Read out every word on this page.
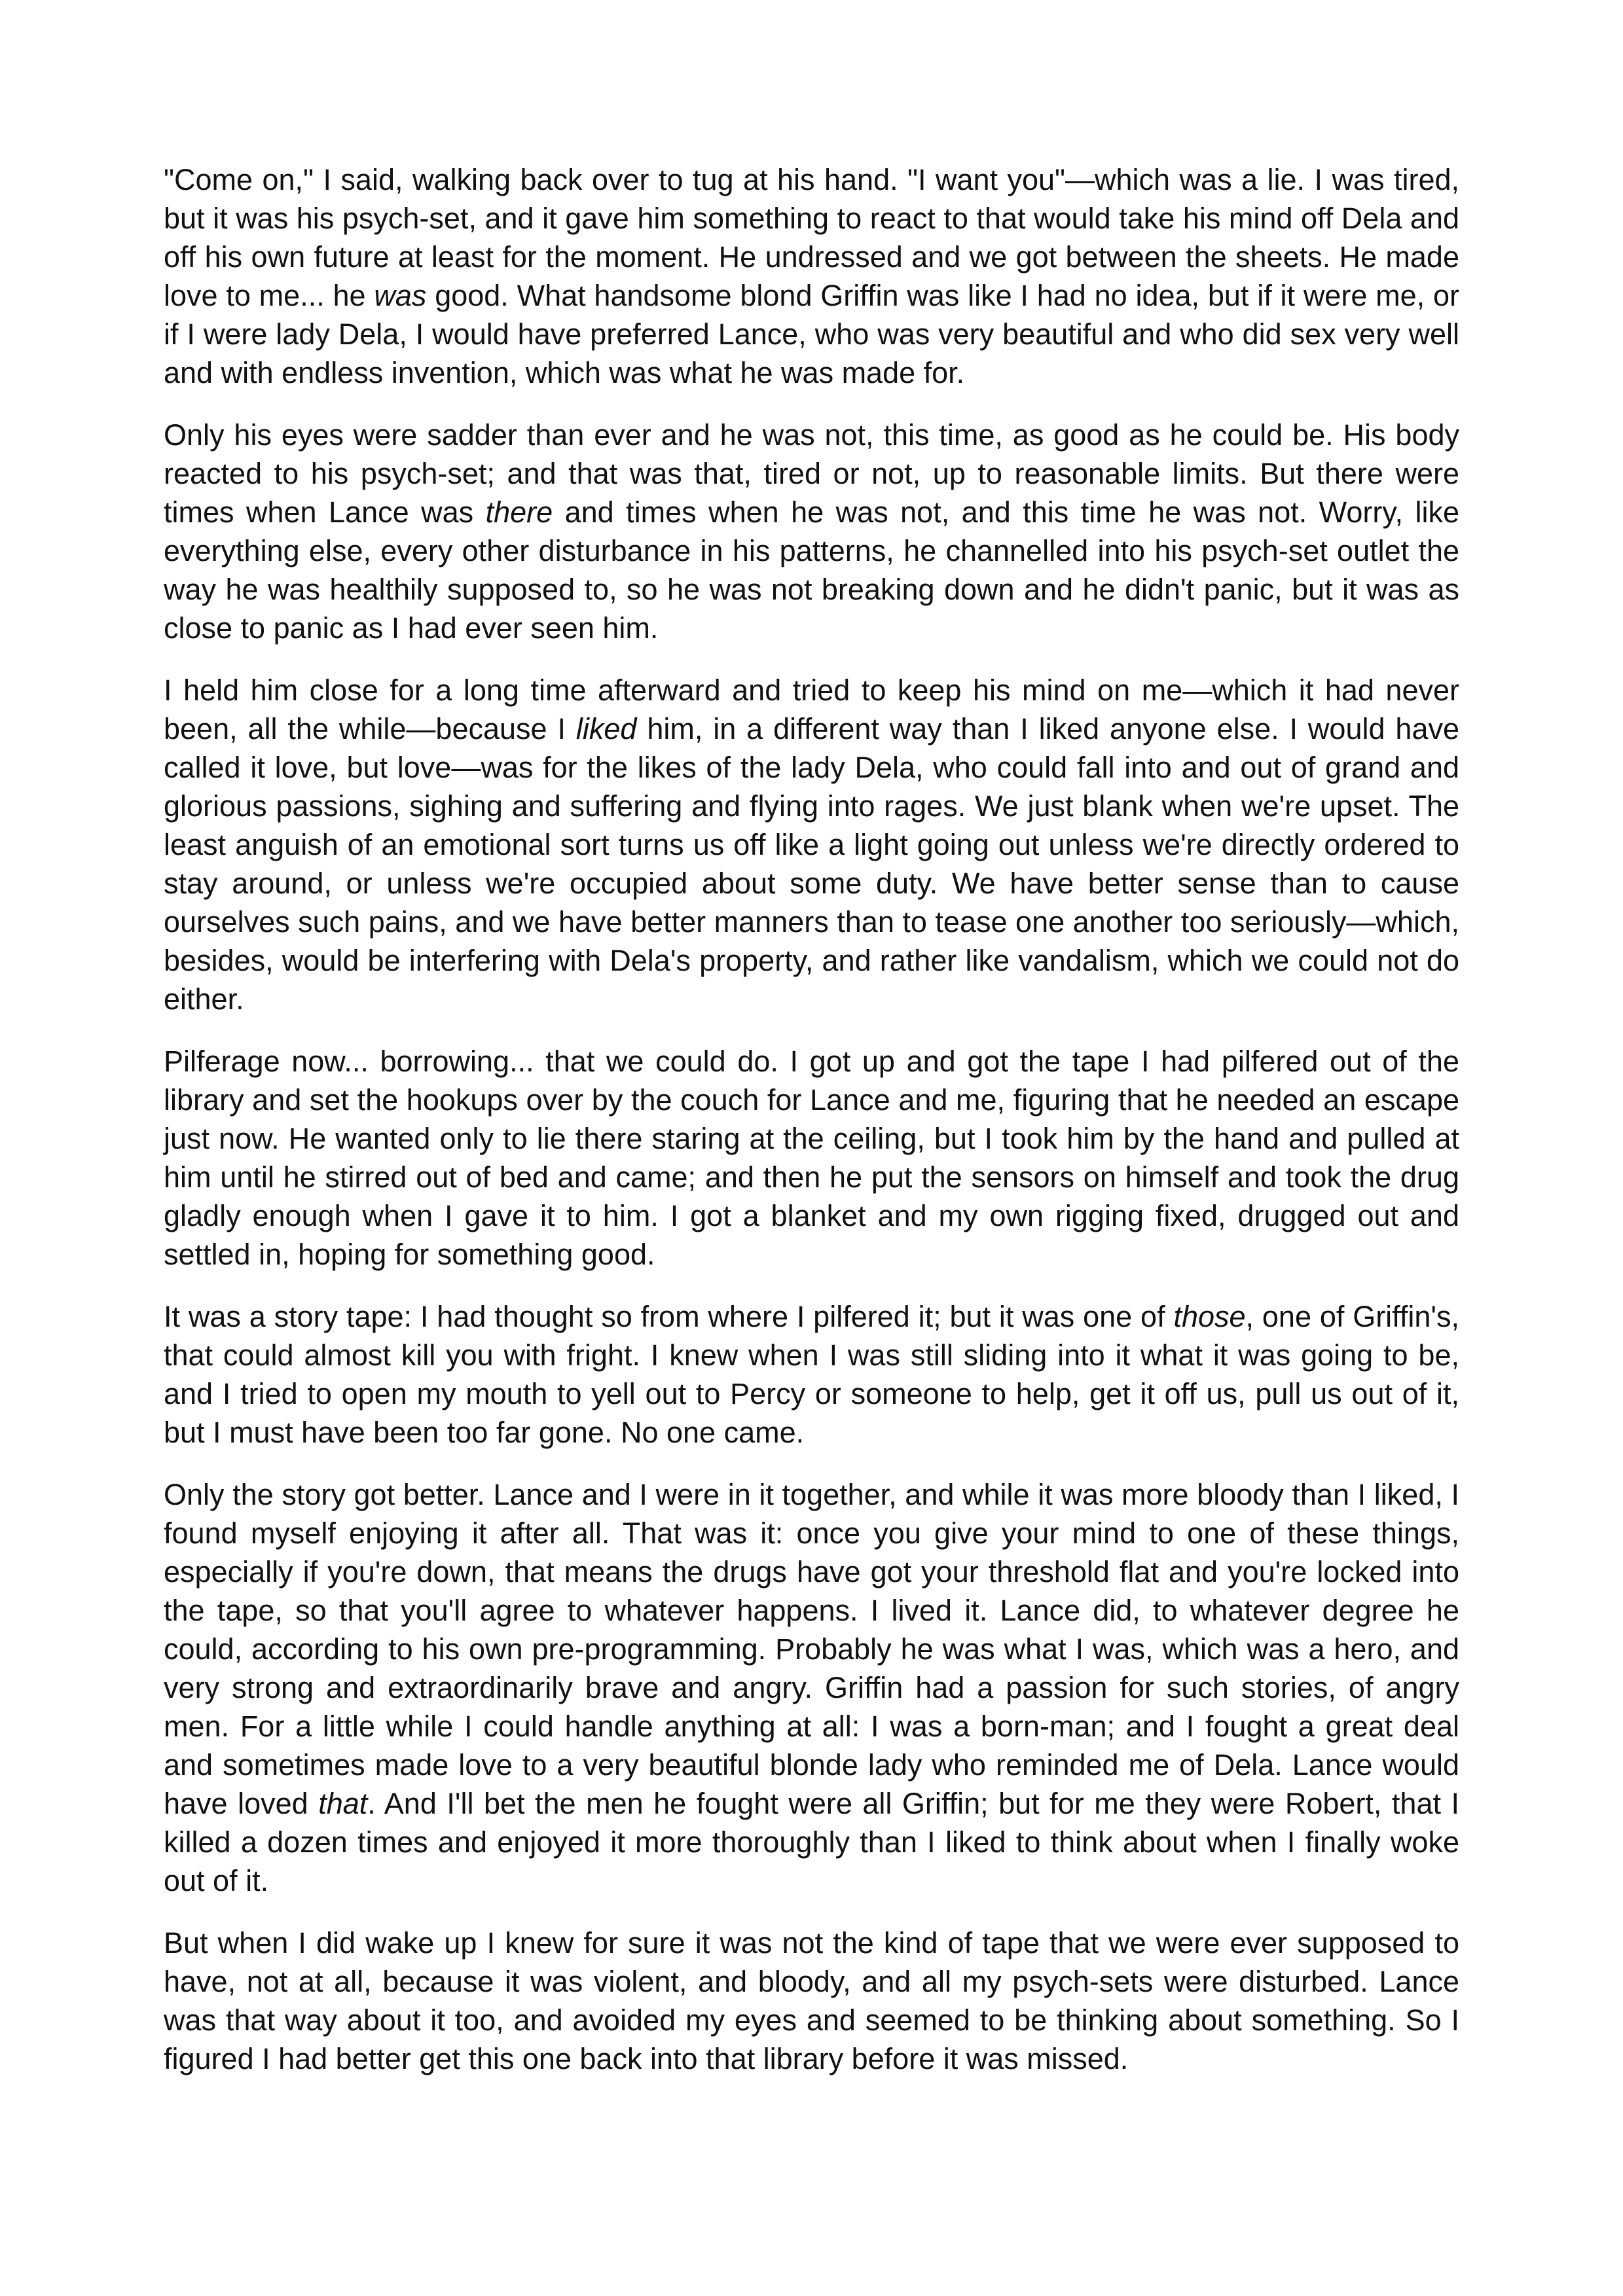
"Come on," I said, walking back over to tug at his hand. "I want you"—which was a lie. I was tired, but it was his psych-set, and it gave him something to react to that would take his mind off Dela and off his own future at least for the moment. He undressed and we got between the sheets. He made love to me... he was good. What handsome blond Griffin was like I had no idea, but if it were me, or if I were lady Dela, I would have preferred Lance, who was very beautiful and who did sex very well and with endless invention, which was what he was made for.

Only his eyes were sadder than ever and he was not, this time, as good as he could be. His body reacted to his psych-set; and that was that, tired or not, up to reasonable limits. But there were times when Lance was there and times when he was not, and this time he was not. Worry, like everything else, every other disturbance in his patterns, he channelled into his psych-set outlet the way he was healthily supposed to, so he was not breaking down and he didn't panic, but it was as close to panic as I had ever seen him.

I held him close for a long time afterward and tried to keep his mind on me—which it had never been, all the while—because I liked him, in a different way than I liked anyone else. I would have called it love, but love—was for the likes of the lady Dela, who could fall into and out of grand and glorious passions, sighing and suffering and flying into rages. We just blank when we're upset. The least anguish of an emotional sort turns us off like a light going out unless we're directly ordered to stay around, or unless we're occupied about some duty. We have better sense than to cause ourselves such pains, and we have better manners than to tease one another too seriously—which, besides, would be interfering with Dela's property, and rather like vandalism, which we could not do either.

Pilferage now... borrowing... that we could do. I got up and got the tape I had pilfered out of the library and set the hookups over by the couch for Lance and me, figuring that he needed an escape just now. He wanted only to lie there staring at the ceiling, but I took him by the hand and pulled at him until he stirred out of bed and came; and then he put the sensors on himself and took the drug gladly enough when I gave it to him. I got a blanket and my own rigging fixed, drugged out and settled in, hoping for something good.

It was a story tape: I had thought so from where I pilfered it; but it was one of those, one of Griffin's, that could almost kill you with fright. I knew when I was still sliding into it what it was going to be, and I tried to open my mouth to yell out to Percy or someone to help, get it off us, pull us out of it, but I must have been too far gone. No one came.

Only the story got better. Lance and I were in it together, and while it was more bloody than I liked, I found myself enjoying it after all. That was it: once you give your mind to one of these things, especially if you're down, that means the drugs have got your threshold flat and you're locked into the tape, so that you'll agree to whatever happens. I lived it. Lance did, to whatever degree he could, according to his own pre-programming. Probably he was what I was, which was a hero, and very strong and extraordinarily brave and angry. Griffin had a passion for such stories, of angry men. For a little while I could handle anything at all: I was a born-man; and I fought a great deal and sometimes made love to a very beautiful blonde lady who reminded me of Dela. Lance would have loved that. And I'll bet the men he fought were all Griffin; but for me they were Robert, that I killed a dozen times and enjoyed it more thoroughly than I liked to think about when I finally woke out of it.

But when I did wake up I knew for sure it was not the kind of tape that we were ever supposed to have, not at all, because it was violent, and bloody, and all my psych-sets were disturbed. Lance was that way about it too, and avoided my eyes and seemed to be thinking about something. So I figured I had better get this one back into that library before it was missed.
